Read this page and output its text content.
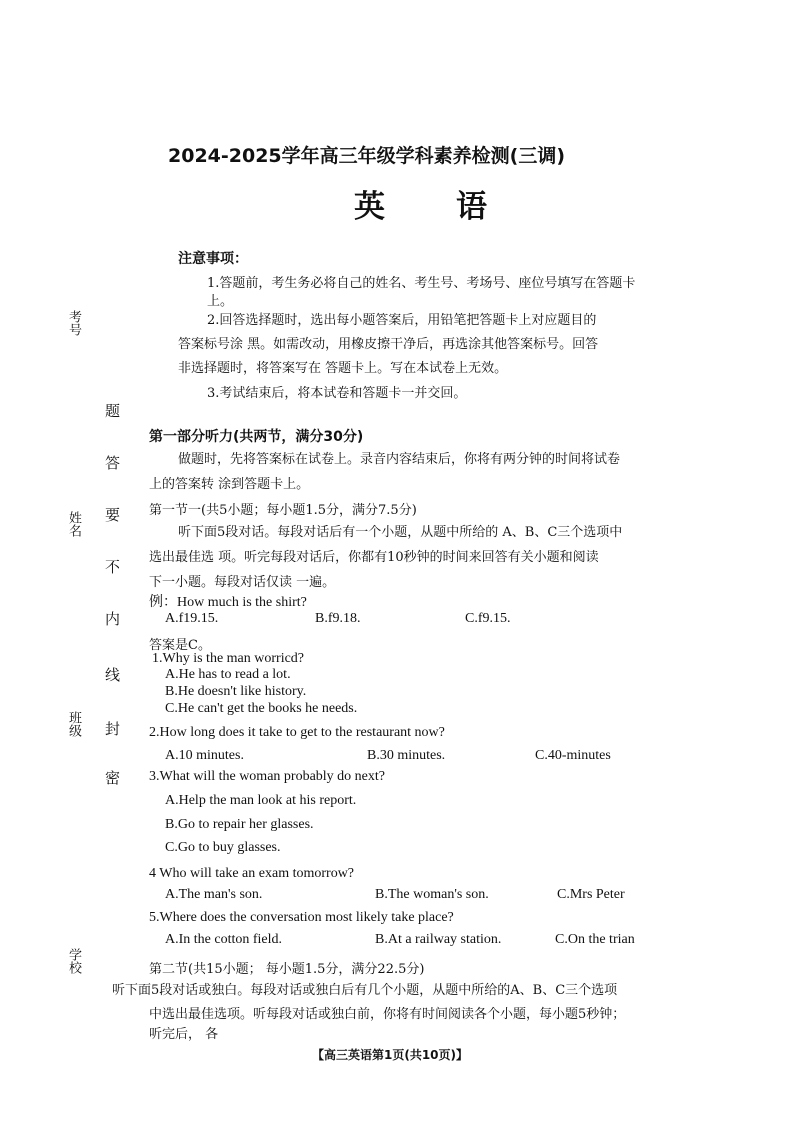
2024-2025学年高三年级学科素养检测(三调)
英 语
注意事项：
1.答题前，考生务必将自己的姓名、考生号、考场号、座位号填写在答题卡
上。
2.回答选择题时，选出每小题答案后，用铅笔把答题卡上对应题目的
答案标号涂 黑。如需改动，用橡皮擦干净后，再选涂其他答案标号。回答
非选择题时，将答案写在 答题卡上。写在本试卷上无效。
3.考试结束后，将本试卷和答题卡一并交回。
考号
姓名
班级
学校
题
答
要
不
内
线
封
密
第一部分听力(共两节，满分30分)
做题时，先将答案标在试卷上。录音内容结束后，你将有两分钟的时间将试卷
上的答案转 涂到答题卡上。
第一节一(共5小题；每小题1.5分，满分7.5分)
听下面5段对话。每段对话后有一个小题，从题中所给的 A、B、C三个选项中
选出最佳选 项。听完每段对话后，你都有10秒钟的时间来回答有关小题和阅读
下一小题。每段对话仅读 一遍。
例：How much is the shirt?
A.f19.15.	B.f9.18.	C.f9.15.
答案是C。
1.Why is the man worricd?
A.He has to read a lot.
B.He doesn't like history.
C.He can't get the books he needs.
2.How long does it take to get to the restaurant now?
A.10 minutes.	B.30 minutes.	C.40-minutes
3.What will the woman probably do next?
A.Help the man look at his report.
B.Go to repair her glasses.
C.Go to buy glasses.
4 Who will take an exam tomorrow?
A.The man's son.	B.The woman's son.	C.Mrs Peter
5.Where does the conversation most likely take place?
A.In the cotton field.	B.At a railway station.	C.On the trian
第二节(共15小题； 每小题1.5分，满分22.5分)
听下面5段对话或独白。每段对话或独白后有几个小题，从题中所给的A、B、C三个选项
中选出最佳选项。听每段对话或独白前，你将有时间阅读各个小题，每小题5秒钟；
听完后， 各
【高三英语第1页(共10页)】
